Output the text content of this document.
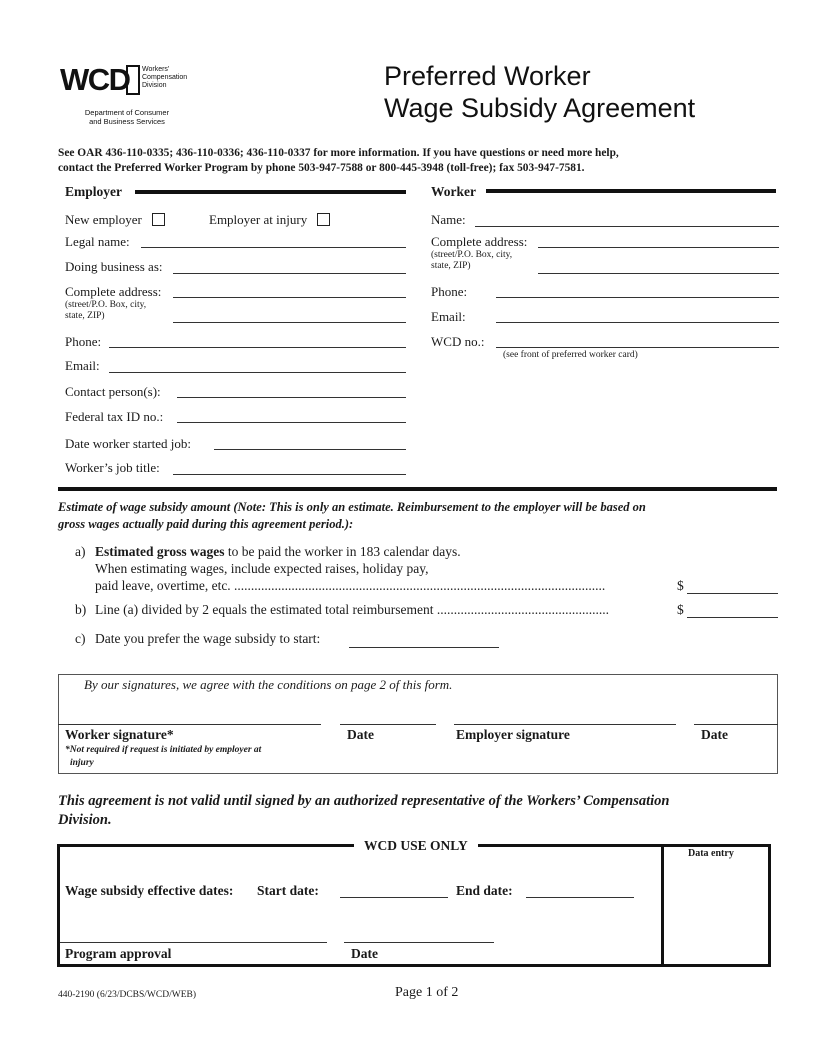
WCD Workers'
Compensation
Division
Department of Consumer
and Business Services
Preferred Worker
Wage Subsidy Agreement
See OAR 436-110-0335; 436-110-0336; 436-110-0337 for more information. If you have questions or need more help,
contact the Preferred Worker Program by phone 503-947-7588 or 800-445-3948 (toll-free); fax 503-947-7581.
Employer
New employer	Employer at injury
Legal name:
Doing business as:
Complete address:
(street/P.O. Box, city,
state, ZIP)
Phone:
Email:
Contact person(s):
Federal tax ID no.:
Date worker started job:
Worker’s job title:
Worker
Name:
Complete address:
(street/P.O. Box, city,
state, ZIP)
Phone:
Email:
WCD no.:
(see front of preferred worker card)
Estimate of wage subsidy amount (Note: This is only an estimate. Reimbursement to the employer will be based on
gross wages actually paid during this agreement period.):
a) Estimated gross wages to be paid the worker in 183 calendar days.
When estimating wages, include expected raises, holiday pay,
paid leave, overtime, etc. ..............................................................................................................	$
b) Line (a) divided by 2 equals the estimated total reimbursement ...................................................	$
c) Date you prefer the wage subsidy to start:
By our signatures, we agree with the conditions on page 2 of this form.
Worker signature*
*Not required if request is initiated by employer at
injury
Date	Employer signature	Date
This agreement is not valid until signed by an authorized representative of the Workers’ Compensation
Division.
WCD USE ONLY
Data entry
Wage subsidy effective dates: Start date:	End date:
Program approval	Date
440-2190 (6/23/DCBS/WCD/WEB)	Page 1 of 2
